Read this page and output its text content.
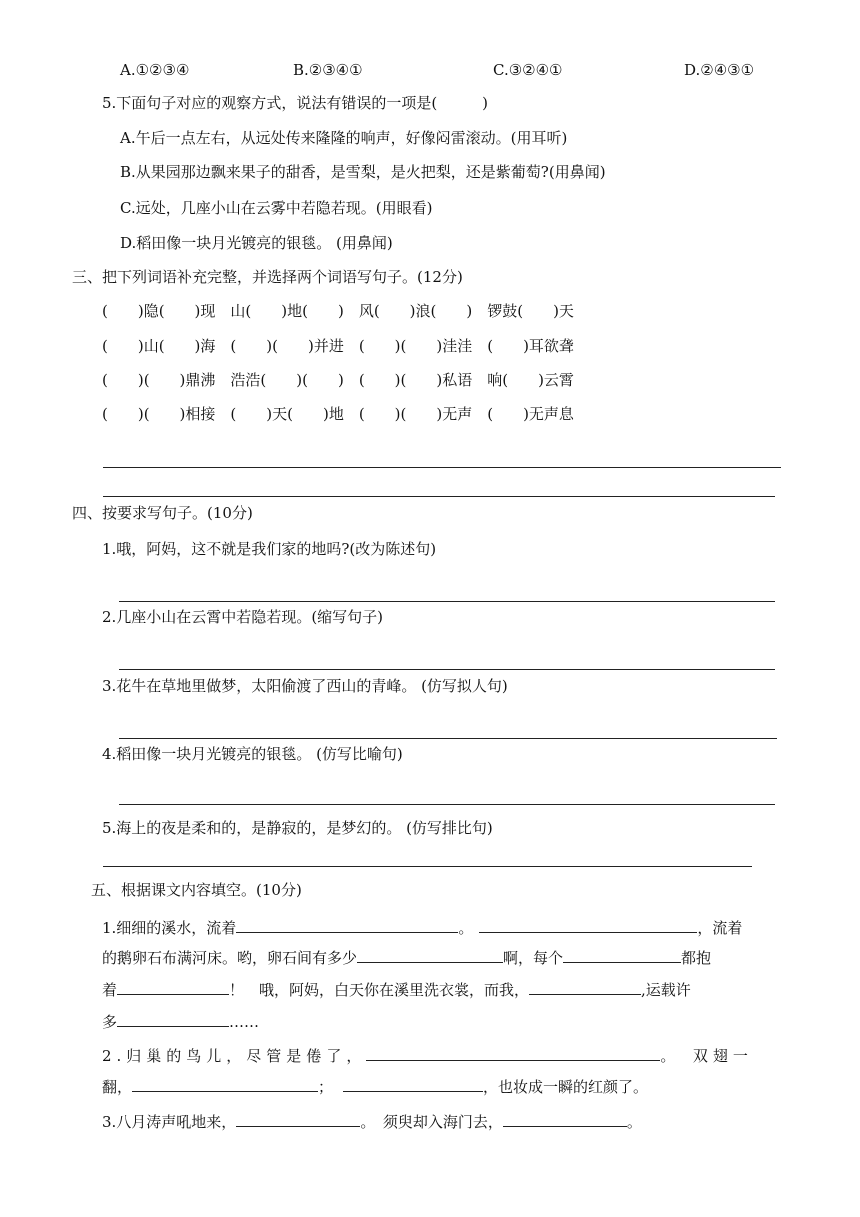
A.①②③④	B.②③④①	C.③②④①	D.②④③①
5.下面句子对应的观察方式，说法有错误的一项是(　　　)
A.午后一点左右，从远处传来隆隆的响声，好像闷雷滚动。(用耳听)
B.从果园那边飘来果子的甜香，是雪梨，是火把梨，还是紫葡萄?(用鼻闻)
C.远处，几座小山在云雾中若隐若现。(用眼看)
D.稻田像一块月光镀亮的银毯。 (用鼻闻)
三、把下列词语补充完整，并选择两个词语写句子。(12分)
(　　)隐(　　)现　山(　　)地(　　)　风(　　)浪(　　)　锣鼓(　　)天
(　　)山(　　)海　(　　)(　　)并进　(　　)(　　)洼洼　(　　)耳欲聋
(　　)(　　)鼎沸　浩浩(　　)(　　)　(　　)(　　)私语　响(　　)云霄
(　　)(　　)相接　(　　)天(　　)地　(　　)(　　)无声　(　　)无声息
四、按要求写句子。(10分)
1.哦，阿妈，这不就是我们家的地吗?(改为陈述句)
2.几座小山在云霄中若隐若现。(缩写句子)
3.花牛在草地里做梦，太阳偷渡了西山的青峰。 (仿写拟人句)
4.稻田像一块月光镀亮的银毯。 (仿写比喻句)
5.海上的夜是柔和的，是静寂的，是梦幻的。 (仿写排比句)
五、根据课文内容填空。(10分)
1.细细的溪水，流着	。	，流着
的鹅卵石布满河床。哟，卵石间有多少	啊，每个	都抱
着	！　哦，阿妈，白天你在溪里洗衣裳，而我，	,运载许
多	……
2.归巢的鸟儿，尽管是倦了，	。　双翅一
翻，	；	，也妆成一瞬的红颜了。
3.八月涛声吼地来，	。　须臾却入海门去，	。
